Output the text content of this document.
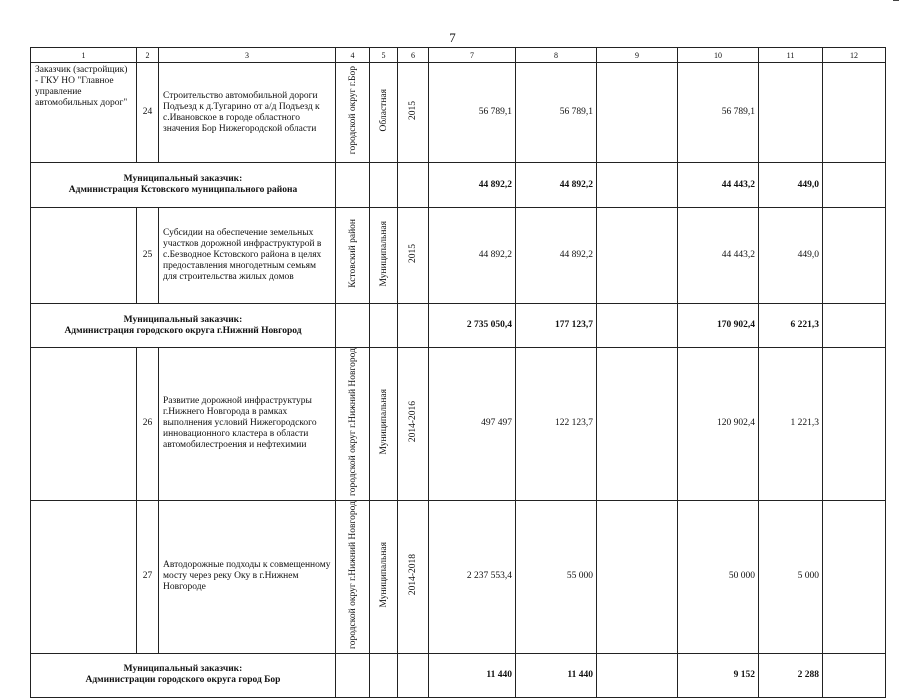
7
1	2	3	4	5	6	7	8	9	10	11	12
Заказчик (застройщик) - ГКУ НО "Главное управление автомобильных дорог"	24	Строительство автомобильной дороги Подъезд к д.Тугарино от а/д Подъезд к с.Ивановское в городе областного значения Бор Нижегородской области	городской округ г.Бор	Областная	2015	56 789,1	56 789,1		56 789,1		

Муниципальный заказчик:
Администрация Кстовского муниципального района						44 892,2	44 892,2		44 443,2	449,0	
	25	Субсидии на обеспечение земельных участков дорожной инфраструктурой в с.Безводное Кстовского района в целях предоставления многодетным семьям для строительства жилых домов	Кстовский район	Муниципальная	2015	44 892,2	44 892,2		44 443,2	449,0	

Муниципальный заказчик:
Администрация городского округа г.Нижний Новгород						2 735 050,4	177 123,7		170 902,4	6 221,3	
	26	Развитие дорожной инфраструктуры г.Нижнего Новгорода в рамках выполнения условий Нижегородского инновационного кластера в области автомобилестроения и нефтехимии	городской округ г.Нижний Новгород	Муниципальная	2014-2016	497 497	122 123,7		120 902,4	1 221,3	
	27	Автодорожные подходы к совмещенному мосту через реку Оку в г.Нижнем Новгороде	городской округ г.Нижний Новгород	Муниципальная	2014-2018	2 237 553,4	55 000		50 000	5 000	

Муниципальный заказчик:
Администрации городского округа город Бор						11 440	11 440		9 152	2 288	
